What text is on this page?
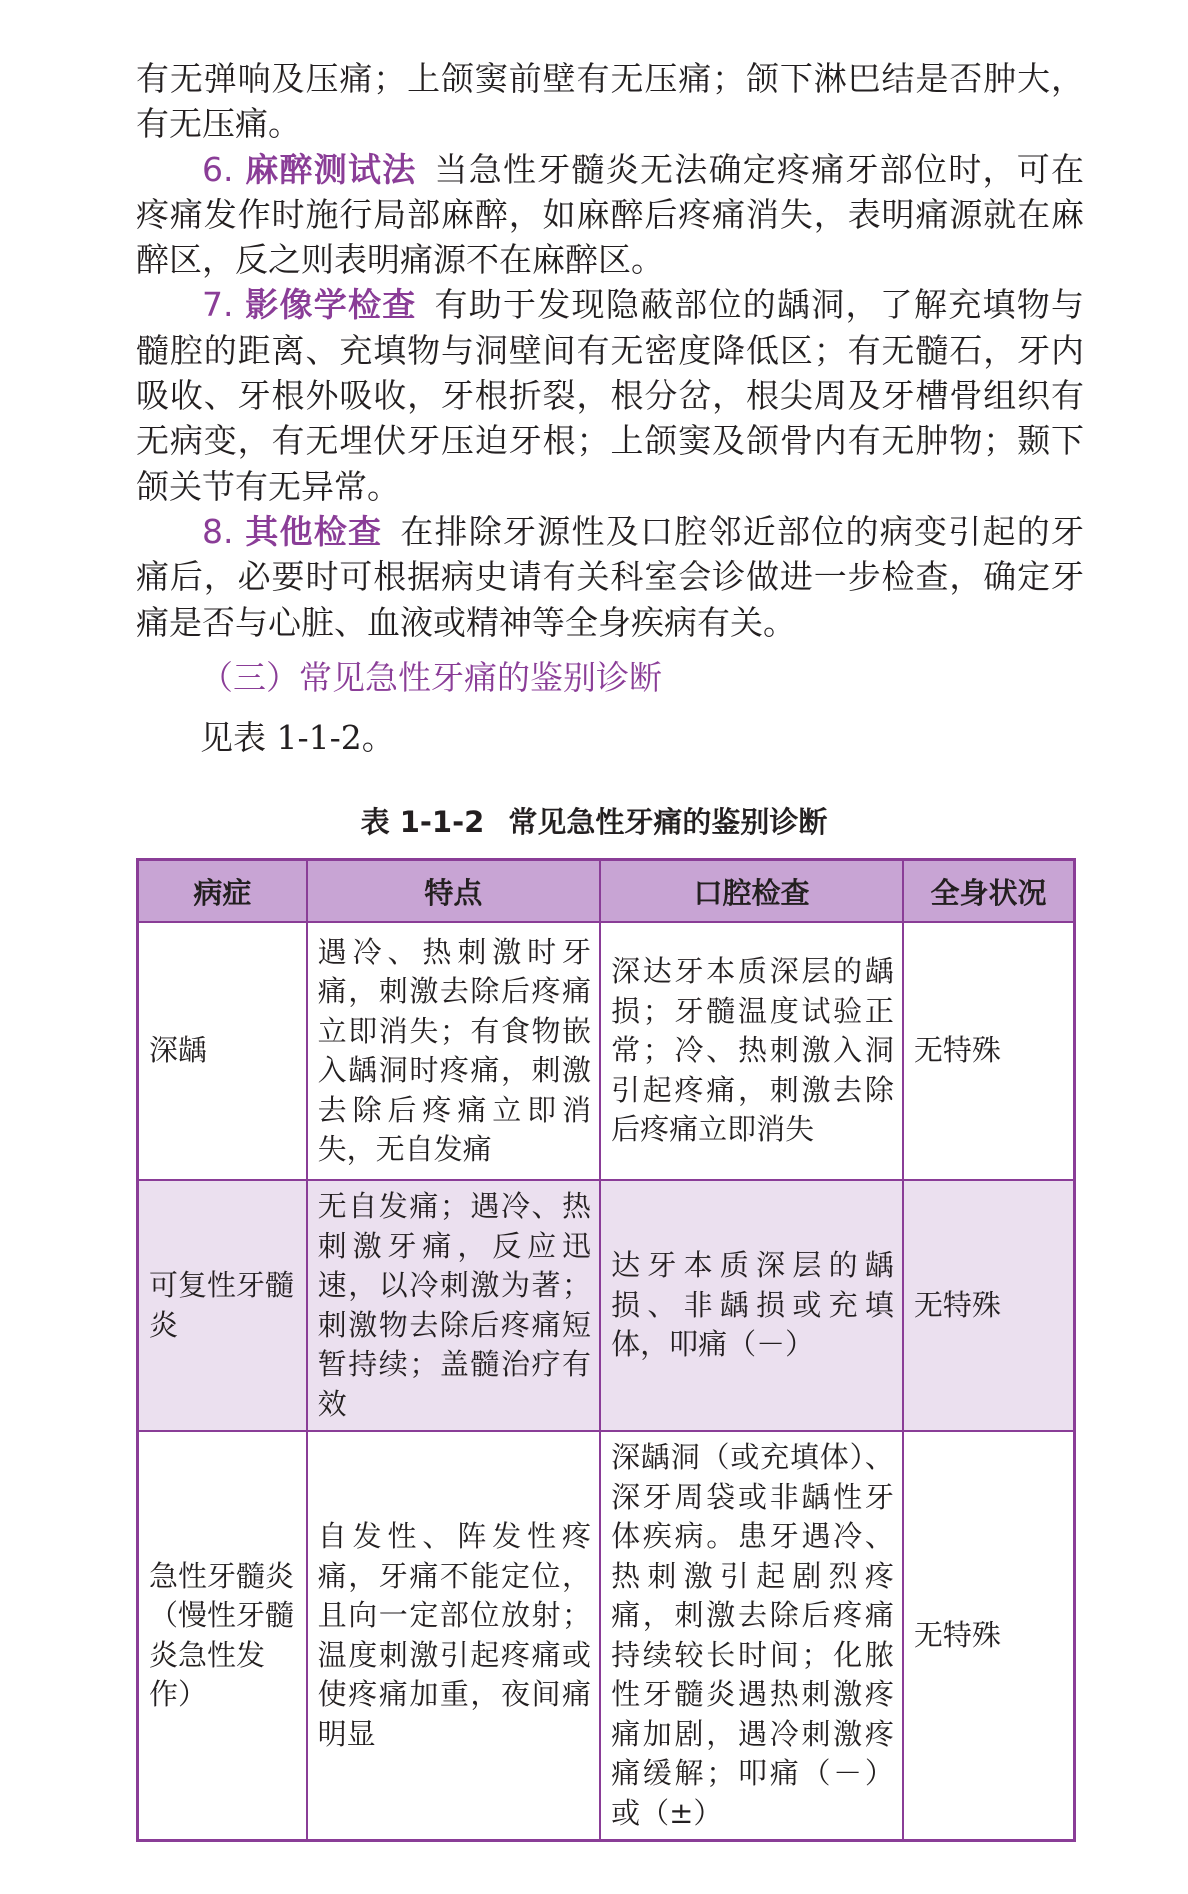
有无弹响及压痛；上颌窦前壁有无压痛；颌下淋巴结是否肿大，有无压痛。

6. 麻醉测试法 当急性牙髓炎无法确定疼痛牙部位时，可在疼痛发作时施行局部麻醉，如麻醉后疼痛消失，表明痛源就在麻醉区，反之则表明痛源不在麻醉区。

7. 影像学检查 有助于发现隐蔽部位的龋洞，了解充填物与髓腔的距离、充填物与洞壁间有无密度降低区；有无髓石，牙内吸收、牙根外吸收，牙根折裂，根分岔，根尖周及牙槽骨组织有无病变，有无埋伏牙压迫牙根；上颌窦及颌骨内有无肿物；颞下颌关节有无异常。

8. 其他检查 在排除牙源性及口腔邻近部位的病变引起的牙痛后，必要时可根据病史请有关科室会诊做进一步检查，确定牙痛是否与心脏、血液或精神等全身疾病有关。

（三）常见急性牙痛的鉴别诊断

见表 1-1-2。

表 1-1-2 常见急性牙痛的鉴别诊断

病症	特点	口腔检查	全身状况
深龋	遇冷、热刺激时牙痛，刺激去除后疼痛立即消失；有食物嵌入龋洞时疼痛，刺激去除后疼痛立即消失，无自发痛	深达牙本质深层的龋损；牙髓温度试验正常；冷、热刺激入洞引起疼痛，刺激去除后疼痛立即消失	无特殊
可复性牙髓炎	无自发痛；遇冷、热刺激牙痛，反应迅速，以冷刺激为著；刺激物去除后疼痛短暂持续；盖髓治疗有效	达牙本质深层的龋损、非龋损或充填体，叩痛（－）	无特殊
急性牙髓炎（慢性牙髓炎急性发作）	自发性、阵发性疼痛，牙痛不能定位，且向一定部位放射；温度刺激引起疼痛或使疼痛加重，夜间痛明显	深龋洞（或充填体）、深牙周袋或非龋性牙体疾病。患牙遇冷、热刺激引起剧烈疼痛，刺激去除后疼痛持续较长时间；化脓性牙髓炎遇热刺激疼痛加剧，遇冷刺激疼痛缓解；叩痛（－）或（±）	无特殊
